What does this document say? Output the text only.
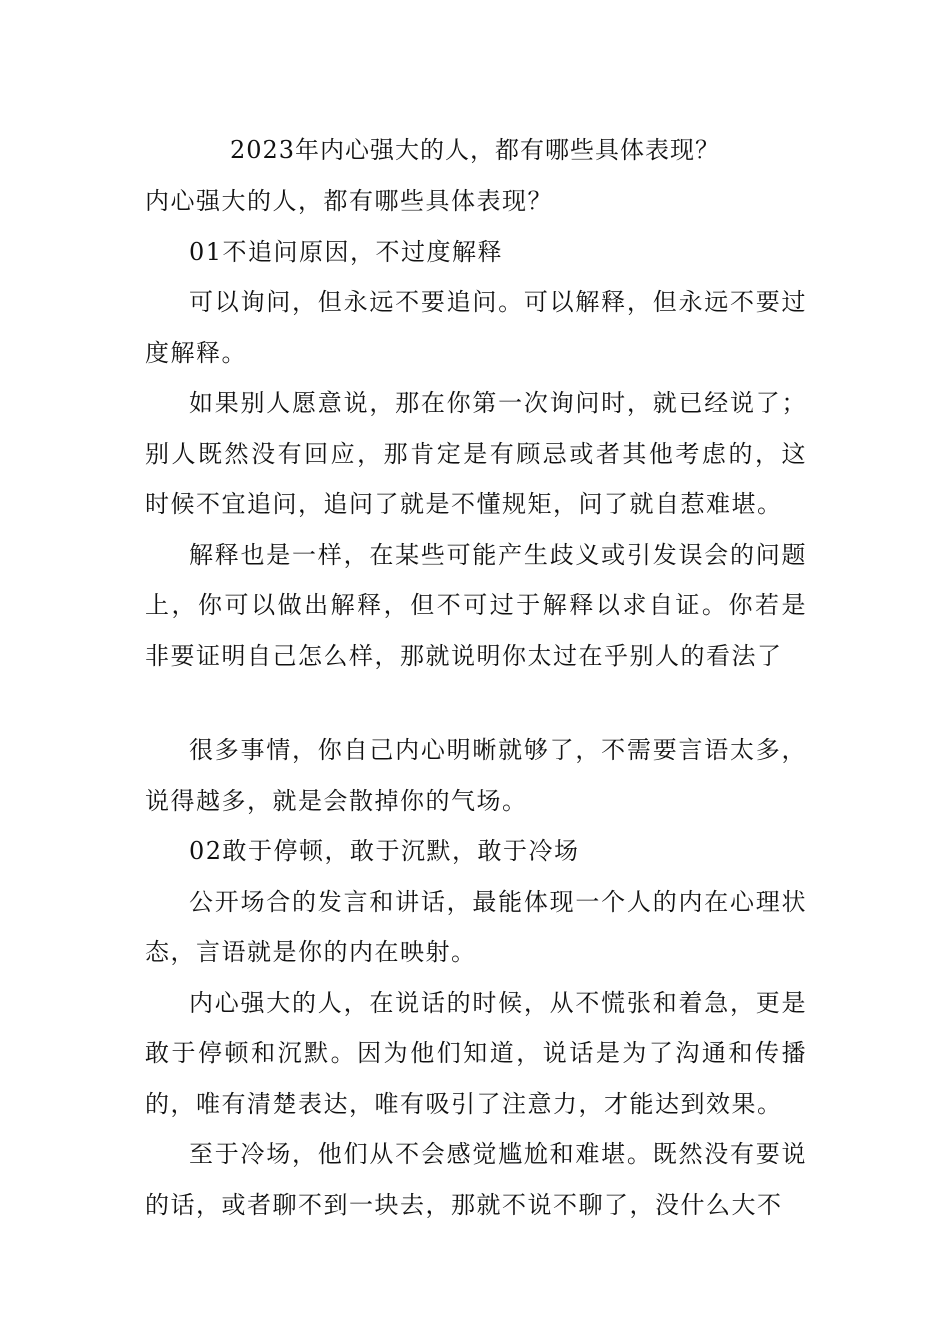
2023年内心强大的人，都有哪些具体表现？

内心强大的人，都有哪些具体表现？

01不追问原因，不过度解释

可以询问，但永远不要追问。可以解释，但永远不要过度解释。

如果别人愿意说，那在你第一次询问时，就已经说了；别人既然没有回应，那肯定是有顾忌或者其他考虑的，这时候不宜追问，追问了就是不懂规矩，问了就自惹难堪。

解释也是一样，在某些可能产生歧义或引发误会的问题上，你可以做出解释，但不可过于解释以求自证。你若是非要证明自己怎么样，那就说明你太过在乎别人的看法了

很多事情，你自己内心明晰就够了，不需要言语太多，说得越多，就是会散掉你的气场。

02敢于停顿，敢于沉默，敢于冷场

公开场合的发言和讲话，最能体现一个人的内在心理状态，言语就是你的内在映射。

内心强大的人，在说话的时候，从不慌张和着急，更是敢于停顿和沉默。因为他们知道，说话是为了沟通和传播的，唯有清楚表达，唯有吸引了注意力，才能达到效果。

至于冷场，他们从不会感觉尴尬和难堪。既然没有要说的话，或者聊不到一块去，那就不说不聊了，没什么大不
